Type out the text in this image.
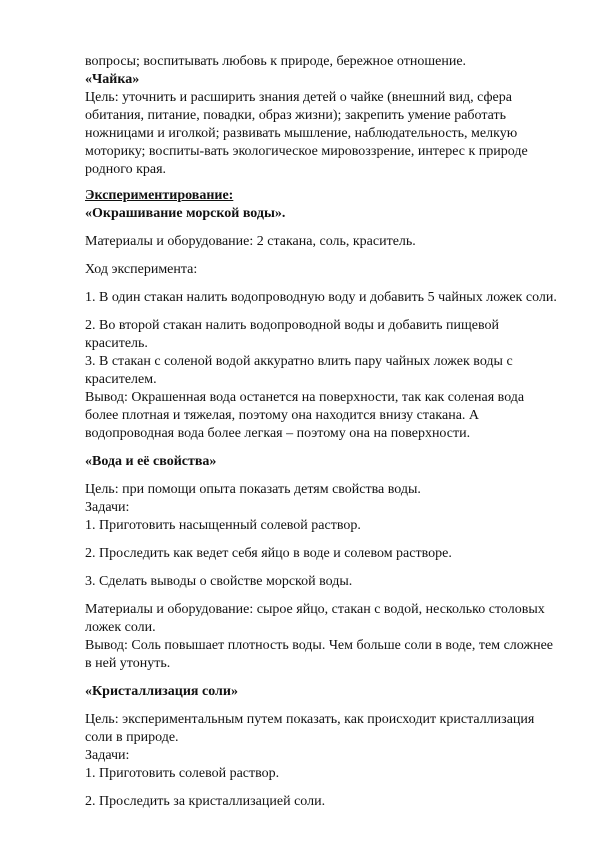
вопросы; воспитывать любовь к природе, бережное отношение.
«Чайка»
Цель: уточнить и расширить знания детей о чайке (внешний вид, сфера
обитания, питание, повадки, образ жизни); закрепить умение работать
ножницами и иголкой; развивать мышление, наблюдательность, мелкую
моторику; воспиты-вать экологическое мировоззрение, интерес к природе
родного края.
Экспериментирование:
«Окрашивание морской воды».
Материалы и оборудование: 2 стакана, соль, краситель.
Ход эксперимента:
1. В один стакан налить водопроводную воду и добавить 5 чайных ложек соли.
2. Во второй стакан налить водопроводной воды и добавить пищевой
краситель.
3. В стакан с соленой водой аккуратно влить пару чайных ложек воды с
красителем.
Вывод: Окрашенная вода останется на поверхности, так как соленая вода
более плотная и тяжелая, поэтому она находится внизу стакана. А
водопроводная вода более легкая – поэтому она на поверхности.
«Вода и её свойства»
Цель: при помощи опыта показать детям свойства воды.
Задачи:
1. Приготовить насыщенный солевой раствор.
2. Проследить как ведет себя яйцо в воде и солевом растворе.
3. Сделать выводы о свойстве морской воды.
Материалы и оборудование: сырое яйцо, стакан с водой, несколько столовых
ложек соли.
Вывод: Соль повышает плотность воды. Чем больше соли в воде, тем сложнее
в ней утонуть.
«Кристаллизация соли»
Цель: экспериментальным путем показать, как происходит кристаллизация
соли в природе.
Задачи:
1. Приготовить солевой раствор.
2. Проследить за кристаллизацией соли.
